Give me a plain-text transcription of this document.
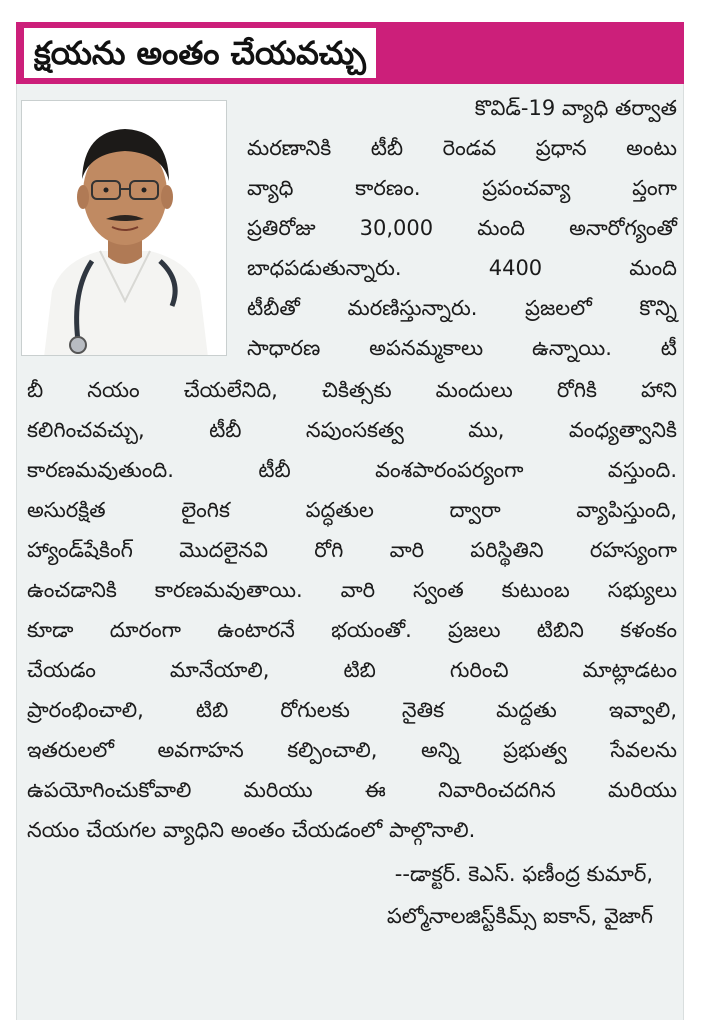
క్షయను అంతం చేయవచ్చు
కొవిడ్-19 వ్యాధి తర్వాత
మరణానికి టీబీ రెండవ ప్రధాన అంటు
వ్యాధి కారణం. ప్రపంచవ్యా ప్తంగా
ప్రతిరోజు 30,000 మంది అనారోగ్యంతో
బాధపడుతున్నారు. 4400 మంది
టీబీతో మరణిస్తున్నారు. ప్రజలలో కొన్ని
సాధారణ అపనమ్మకాలు ఉన్నాయి. టీ
బీ నయం చేయలేనిది, చికిత్సకు మందులు రోగికి హాని
కలిగించవచ్చు, టీబీ నపుంసకత్వ ము, వంధ్యత్వానికి
కారణమవుతుంది. టీబీ వంశపారంపర్యంగా వస్తుంది.
అసురక్షిత లైంగిక పద్ధతుల ద్వారా వ్యాపిస్తుంది,
హ్యాండ్‌షేకింగ్ మొదలైనవి రోగి వారి పరిస్థితిని రహస్యంగా
ఉంచడానికి కారణమవుతాయి. వారి స్వంత కుటుంబ సభ్యులు
కూడా దూరంగా ఉంటారనే భయంతో. ప్రజలు టిబిని కళంకం
చేయడం మానేయాలి, టిబి గురించి మాట్లాడటం
ప్రారంభించాలి, టిబి రోగులకు నైతిక మద్దతు ఇవ్వాలి,
ఇతరులలో అవగాహన కల్పించాలి, అన్ని ప్రభుత్వ సేవలను
ఉపయోగించుకోవాలి మరియు ఈ నివారించదగిన మరియు
నయం చేయగల వ్యాధిని అంతం చేయడంలో పాల్గొనాలి.
--డాక్టర్. కెఎస్. ఫణీంద్ర కుమార్,
పల్మోనాలజిస్ట్‌కిమ్స్ ఐకాన్, వైజాగ్
